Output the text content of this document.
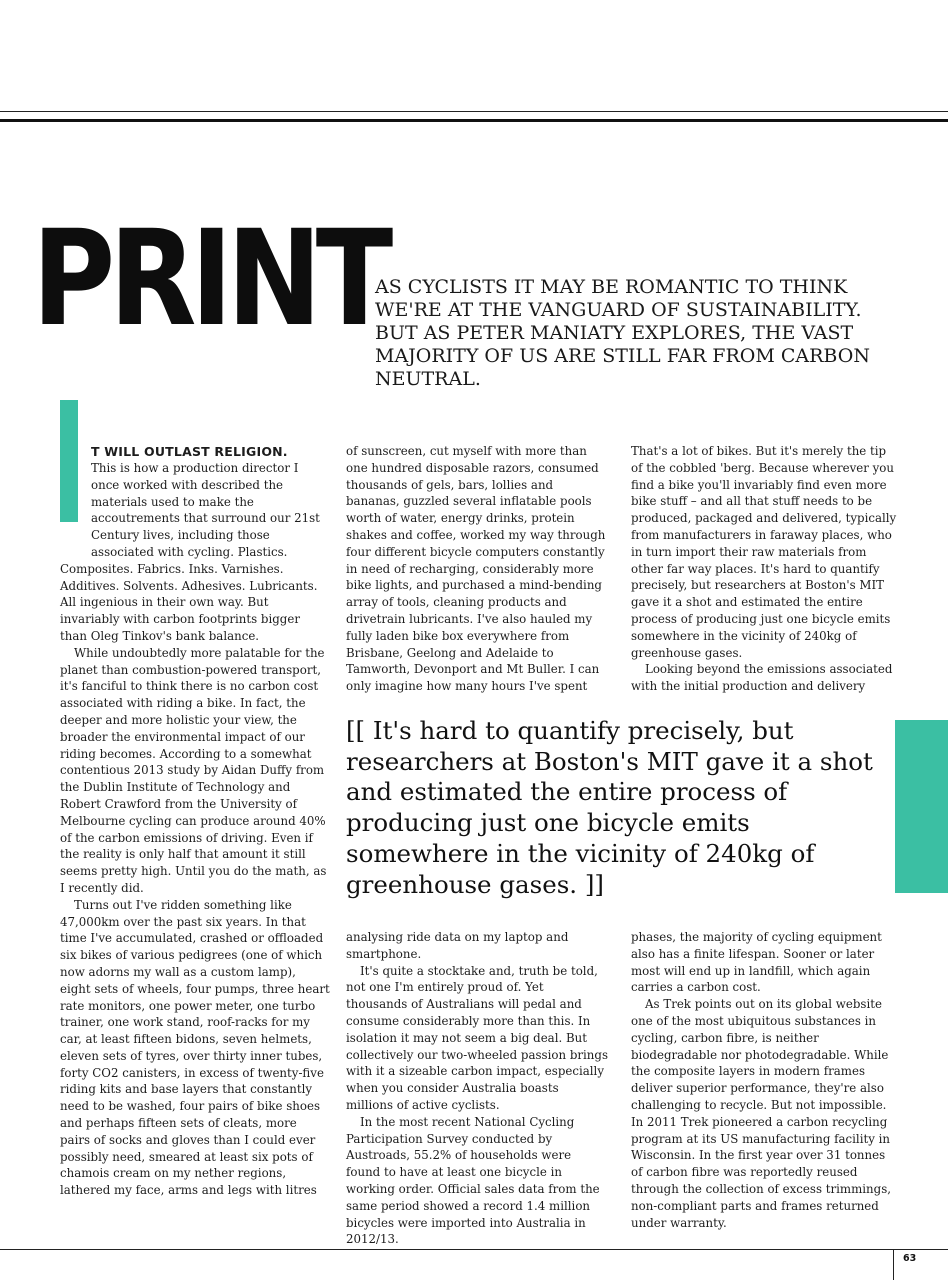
PRINT

AS CYCLISTS IT MAY BE ROMANTIC TO THINK WE'RE AT THE VANGUARD OF SUSTAINABILITY. BUT AS PETER MANIATY EXPLORES, THE VAST MAJORITY OF US ARE STILL FAR FROM CARBON NEUTRAL.

T WILL OUTLAST RELIGION.

This is how a production director I once worked with described the materials used to make the accoutrements that surround our 21st Century lives, including those associated with cycling. Plastics. Composites. Fabrics. Inks. Varnishes. Additives. Solvents. Adhesives. Lubricants. All ingenious in their own way. But invariably with carbon footprints bigger than Oleg Tinkov's bank balance.

While undoubtedly more palatable for the planet than combustion-powered transport, it's fanciful to think there is no carbon cost associated with riding a bike. In fact, the deeper and more holistic your view, the broader the environmental impact of our riding becomes. According to a somewhat contentious 2013 study by Aidan Duffy from the Dublin Institute of Technology and Robert Crawford from the University of Melbourne cycling can produce around 40% of the carbon emissions of driving. Even if the reality is only half that amount it still seems pretty high. Until you do the math, as I recently did.

Turns out I've ridden something like 47,000km over the past six years. In that time I've accumulated, crashed or offloaded six bikes of various pedigrees (one of which now adorns my wall as a custom lamp), eight sets of wheels, four pumps, three heart rate monitors, one power meter, one turbo trainer, one work stand, roof-racks for my car, at least fifteen bidons, seven helmets, eleven sets of tyres, over thirty inner tubes, forty CO2 canisters, in excess of twenty-five riding kits and base layers that constantly need to be washed, four pairs of bike shoes and perhaps fifteen sets of cleats, more pairs of socks and gloves than I could ever possibly need, smeared at least six pots of chamois cream on my nether regions, lathered my face, arms and legs with litres

of sunscreen, cut myself with more than one hundred disposable razors, consumed thousands of gels, bars, lollies and bananas, guzzled several inflatable pools worth of water, energy drinks, protein shakes and coffee, worked my way through four different bicycle computers constantly in need of recharging, considerably more bike lights, and purchased a mind-bending array of tools, cleaning products and drivetrain lubricants. I've also hauled my fully laden bike box everywhere from Brisbane, Geelong and Adelaide to Tamworth, Devonport and Mt Buller. I can only imagine how many hours I've spent

That's a lot of bikes. But it's merely the tip of the cobbled 'berg. Because wherever you find a bike you'll invariably find even more bike stuff – and all that stuff needs to be produced, packaged and delivered, typically from manufacturers in faraway places, who in turn import their raw materials from other far way places. It's hard to quantify precisely, but researchers at Boston's MIT gave it a shot and estimated the entire process of producing just one bicycle emits somewhere in the vicinity of 240kg of greenhouse gases.

Looking beyond the emissions associated with the initial production and delivery

[[ It's hard to quantify precisely, but researchers at Boston's MIT gave it a shot and estimated the entire process of producing just one bicycle emits somewhere in the vicinity of 240kg of greenhouse gases. ]]

analysing ride data on my laptop and smartphone.

It's quite a stocktake and, truth be told, not one I'm entirely proud of. Yet thousands of Australians will pedal and consume considerably more than this. In isolation it may not seem a big deal. But collectively our two-wheeled passion brings with it a sizeable carbon impact, especially when you consider Australia boasts millions of active cyclists.

In the most recent National Cycling Participation Survey conducted by Austroads, 55.2% of households were found to have at least one bicycle in working order. Official sales data from the same period showed a record 1.4 million bicycles were imported into Australia in 2012/13.

phases, the majority of cycling equipment also has a finite lifespan. Sooner or later most will end up in landfill, which again carries a carbon cost.

As Trek points out on its global website one of the most ubiquitous substances in cycling, carbon fibre, is neither biodegradable nor photodegradable. While the composite layers in modern frames deliver superior performance, they're also challenging to recycle. But not impossible. In 2011 Trek pioneered a carbon recycling program at its US manufacturing facility in Wisconsin. In the first year over 31 tonnes of carbon fibre was reportedly reused through the collection of excess trimmings, non-compliant parts and frames returned under warranty.

63
